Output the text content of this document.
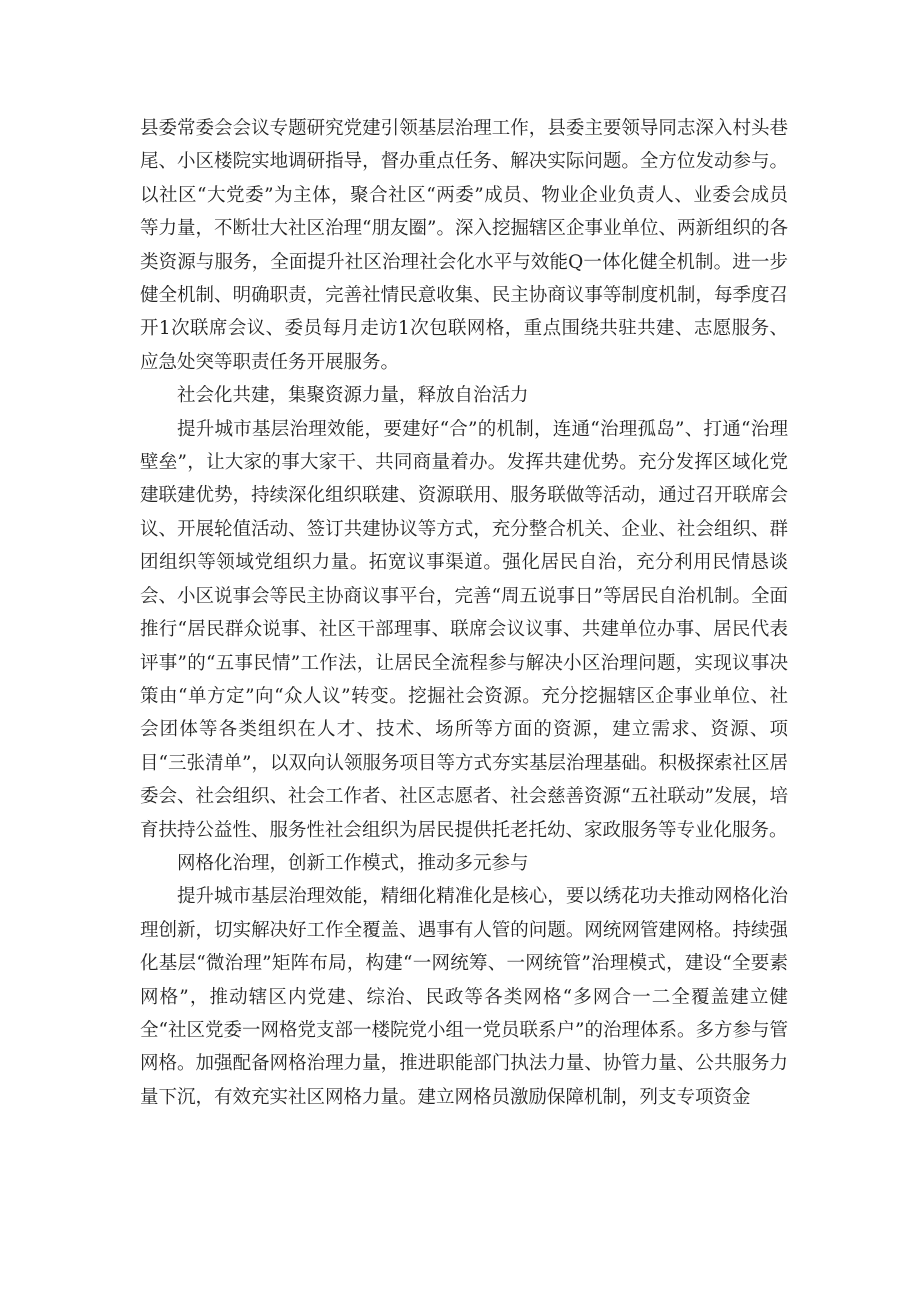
县委常委会会议专题研究党建引领基层治理工作，县委主要领导同志深入村头巷尾、小区楼院实地调研指导，督办重点任务、解决实际问题。全方位发动参与。以社区“大党委”为主体，聚合社区“两委”成员、物业企业负责人、业委会成员等力量，不断壮大社区治理“朋友圈”。深入挖掘辖区企事业单位、两新组织的各类资源与服务，全面提升社区治理社会化水平与效能Q一体化健全机制。进一步健全机制、明确职责，完善社情民意收集、民主协商议事等制度机制，每季度召开1次联席会议、委员每月走访1次包联网格，重点围绕共驻共建、志愿服务、应急处突等职责任务开展服务。

社会化共建，集聚资源力量，释放自治活力

提升城市基层治理效能，要建好“合”的机制，连通“治理孤岛”、打通“治理壁垒”，让大家的事大家干、共同商量着办。发挥共建优势。充分发挥区域化党建联建优势，持续深化组织联建、资源联用、服务联做等活动，通过召开联席会议、开展轮值活动、签订共建协议等方式，充分整合机关、企业、社会组织、群团组织等领域党组织力量。拓宽议事渠道。强化居民自治，充分利用民情恳谈会、小区说事会等民主协商议事平台，完善“周五说事日”等居民自治机制。全面推行“居民群众说事、社区干部理事、联席会议议事、共建单位办事、居民代表评事”的“五事民情”工作法，让居民全流程参与解决小区治理问题，实现议事决策由“单方定”向“众人议”转变。挖掘社会资源。充分挖掘辖区企事业单位、社会团体等各类组织在人才、技术、场所等方面的资源，建立需求、资源、项目“三张清单”，以双向认领服务项目等方式夯实基层治理基础。积极探索社区居委会、社会组织、社会工作者、社区志愿者、社会慈善资源“五社联动”发展，培育扶持公益性、服务性社会组织为居民提供托老托幼、家政服务等专业化服务。

网格化治理，创新工作模式，推动多元参与

提升城市基层治理效能，精细化精准化是核心，要以绣花功夫推动网格化治理创新，切实解决好工作全覆盖、遇事有人管的问题。网统网管建网格。持续强化基层“微治理”矩阵布局，构建“一网统筹、一网统管”治理模式，建设“全要素网格”，推动辖区内党建、综治、民政等各类网格“多网合一二全覆盖建立健全“社区党委一网格党支部一楼院党小组一党员联系户”的治理体系。多方参与管网格。加强配备网格治理力量，推进职能部门执法力量、协管力量、公共服务力量下沉，有效充实社区网格力量。建立网格员激励保障机制，列支专项资金
